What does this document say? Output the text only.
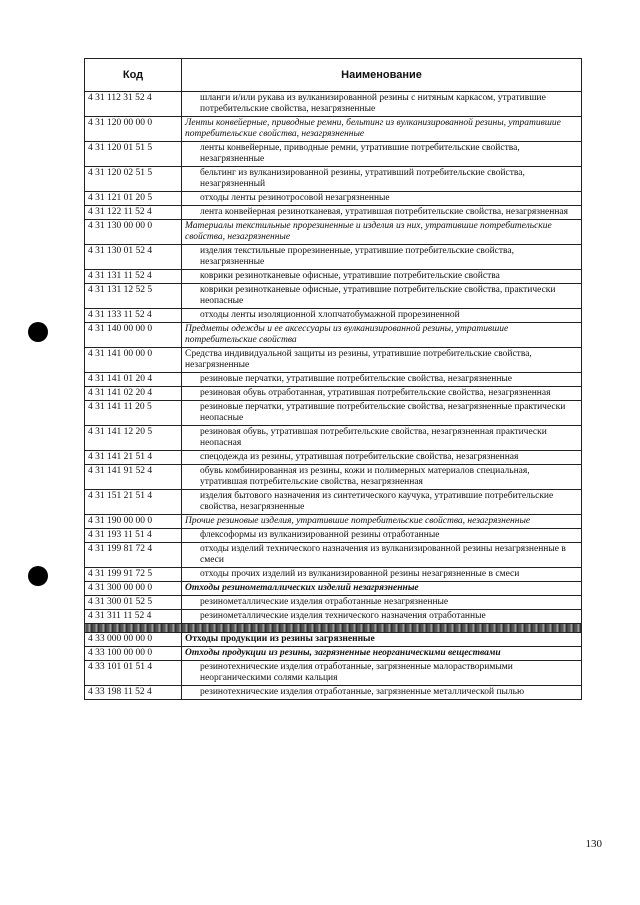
Код	Наименование
4 31 112 31 52 4	шланги и/или рукава из вулканизированной резины с нитяным каркасом, утратившие потребительские свойства, незагрязненные
4 31 120 00 00 0	Ленты конвейерные, приводные ремни, бельтинг из вулканизированной резины, утратившие потребительские свойства, незагрязненные
4 31 120 01 51 5	ленты конвейерные, приводные ремни, утратившие потребительские свойства, незагрязненные
4 31 120 02 51 5	бельтинг из вулканизированной резины, утративший потребительские свойства, незагрязненный
4 31 121 01 20 5	отходы ленты резинотросовой незагрязненные
4 31 122 11 52 4	лента конвейерная резинотканевая, утратившая потребительские свойства, незагрязненная
4 31 130 00 00 0	Материалы текстильные прорезиненные и изделия из них, утратившие потребительские свойства, незагрязненные
4 31 130 01 52 4	изделия текстильные прорезиненные, утратившие потребительские свойства, незагрязненные
4 31 131 11 52 4	коврики резинотканевые офисные, утратившие потребительские свойства
4 31 131 12 52 5	коврики резинотканевые офисные, утратившие потребительские свойства, практически неопасные
4 31 133 11 52 4	отходы ленты изоляционной хлопчатобумажной прорезиненной
4 31 140 00 00 0	Предметы одежды и ее аксессуары из вулканизированной резины, утратившие потребительские свойства
4 31 141 00 00 0	Средства индивидуальной защиты из резины, утратившие потребительские свойства, незагрязненные
4 31 141 01 20 4	резиновые перчатки, утратившие потребительские свойства, незагрязненные
4 31 141 02 20 4	резиновая обувь отработанная, утратившая потребительские свойства, незагрязненная
4 31 141 11 20 5	резиновые перчатки, утратившие потребительские свойства, незагрязненные практически неопасные
4 31 141 12 20 5	резиновая обувь, утратившая потребительские свойства, незагрязненная практически неопасная
4 31 141 21 51 4	спецодежда из резины, утратившая потребительские свойства, незагрязненная
4 31 141 91 52 4	обувь комбинированная из резины, кожи и полимерных материалов специальная, утратившая потребительские свойства, незагрязненная
4 31 151 21 51 4	изделия бытового назначения из синтетического каучука, утратившие потребительские свойства, незагрязненные
4 31 190 00 00 0	Прочие резиновые изделия, утратившие потребительские свойства, незагрязненные
4 31 193 11 51 4	флексоформы из вулканизированной резины отработанные
4 31 199 81 72 4	отходы изделий технического назначения из вулканизированной резины незагрязненные в смеси
4 31 199 91 72 5	отходы прочих изделий из вулканизированной резины незагрязненные в смеси
4 31 300 00 00 0	Отходы резинометаллических изделий незагрязненные
4 31 300 01 52 5	резинометаллические изделия отработанные незагрязненные
4 31 311 11 52 4	резинометаллические изделия технического назначения отработанные

4 33 000 00 00 0	Отходы продукции из резины загрязненные
4 33 100 00 00 0	Отходы продукции из резины, загрязненные неорганическими веществами
4 33 101 01 51 4	резинотехнические изделия отработанные, загрязненные малорастворимыми неорганическими солями кальция
4 33 198 11 52 4	резинотехнические изделия отработанные, загрязненные металлической пылью
130
